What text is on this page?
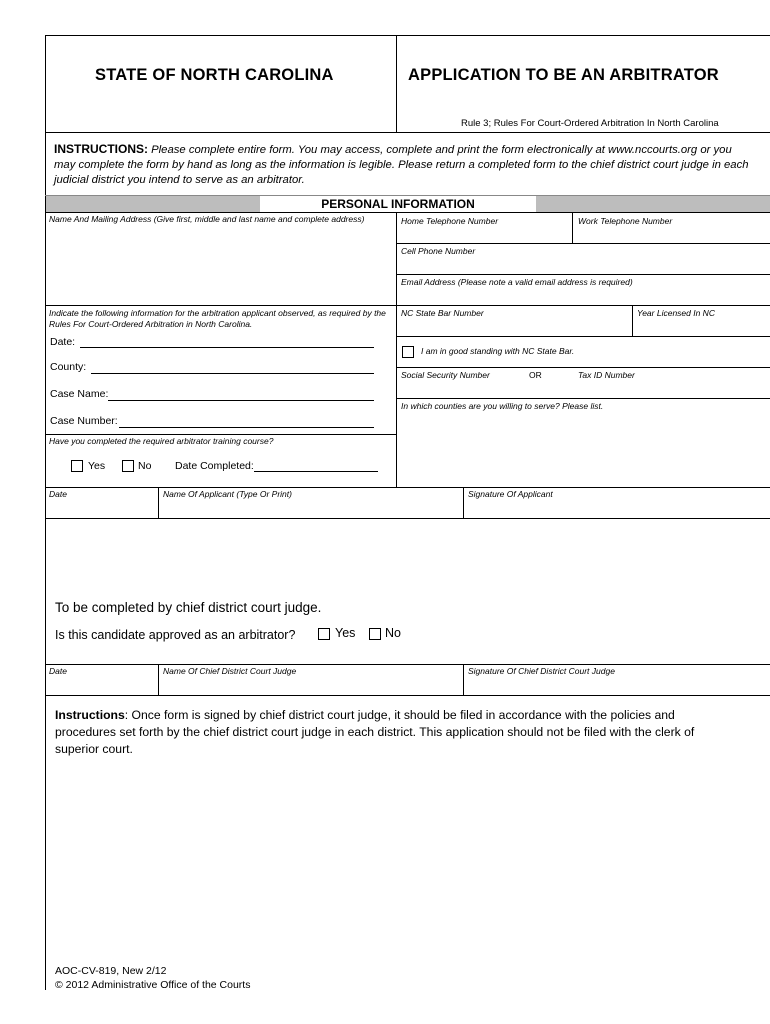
STATE OF NORTH CAROLINA	APPLICATION TO BE AN ARBITRATOR
Rule 3; Rules For Court-Ordered Arbitration In North Carolina
INSTRUCTIONS: Please complete entire form. You may access, complete and print the form electronically at www.nccourts.org or you may complete the form by hand as long as the information is legible. Please return a completed form to the chief district court judge in each judicial district you intend to serve as an arbitrator.
PERSONAL INFORMATION
Name And Mailing Address (Give first, middle and last name and complete address)	Home Telephone Number	Work Telephone Number
Cell Phone Number
Email Address (Please note a valid email address is required)
Indicate the following information for the arbitration applicant observed, as required by the Rules For Court-Ordered Arbitration in North Carolina.
Date:
County:
Case Name:
Case Number:
Have you completed the required arbitrator training course?
Yes	No Date Completed:
NC State Bar Number	Year Licensed In NC
I am in good standing with NC State Bar.
Social Security Number	OR	Tax ID Number
In which counties are you willing to serve? Please list.
Date	Name Of Applicant (Type Or Print)	Signature Of Applicant
To be completed by chief district court judge.
Is this candidate approved as an arbitrator?	Yes No
Date	Name Of Chief District Court Judge	Signature Of Chief District Court Judge
Instructions: Once form is signed by chief district court judge, it should be filed in accordance with the policies and procedures set forth by the chief district court judge in each district. This application should not be filed with the clerk of superior court.
AOC-CV-819, New 2/12
© 2012 Administrative Office of the Courts
